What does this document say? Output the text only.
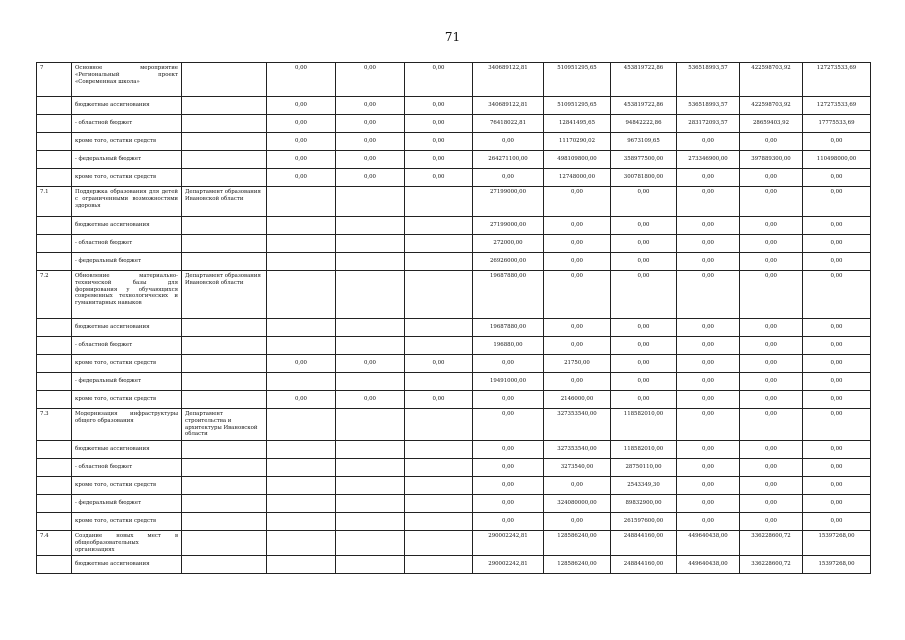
71
7	Основное мероприятие «Региональный проект «Современная школа»		0,00	0,00	0,00	340689122,81	510951295,65	453819722,86	536518993,57	422598703,92	127273533,69
	бюджетные ассигнования		0,00	0,00	0,00	340689122,81	510951295,65	453819722,86	536518993,57	422598703,92	127273533,69
	- областной бюджет		0,00	0,00	0,00	76418022,81	12841495,65	94842222,86	283172093,57	28659403,92	17775533,69
	кроме того, остатки средств		0,00	0,00	0,00	0,00	11170290,02	9673109,65	0,00	0,00	0,00
	- федеральный бюджет		0,00	0,00	0,00	264271100,00	498109800,00	358977500,00	273346900,00	397889300,00	110498000,00
	кроме того, остатки средств		0,00	0,00	0,00	0,00	12748000,00	300781800,00	0,00	0,00	0,00
7.1	Поддержка образования для детей с ограниченными возможностями здоровья	Департамент образования Ивановской области				27199000,00	0,00	0,00	0,00	0,00	0,00
	бюджетные ассигнования					27199000,00	0,00	0,00	0,00	0,00	0,00
	- областной бюджет					272000,00	0,00	0,00	0,00	0,00	0,00
	- федеральный бюджет					26926000,00	0,00	0,00	0,00	0,00	0,00
7.2	Обновление материально-технической базы для формирования у обучающихся современных технологических и гуманитарных навыков	Департамент образования Ивановской области				19687880,00	0,00	0,00	0,00	0,00	0,00
	бюджетные ассигнования					19687880,00	0,00	0,00	0,00	0,00	0,00
	- областной бюджет					196880,00	0,00	0,00	0,00	0,00	0,00
	кроме того, остатки средств		0,00	0,00	0,00	0,00	21750,00	0,00	0,00	0,00	0,00
	- федеральный бюджет					19491000,00	0,00	0,00	0,00	0,00	0,00
	кроме того, остатки средств		0,00	0,00	0,00	0,00	2146000,00	0,00	0,00	0,00	0,00
7.3	Модернизация инфраструктуры общего образования	Департамент строительства и архитектуры Ивановской области				0,00	327353540,00	118582010,00	0,00	0,00	0,00
	бюджетные ассигнования					0,00	327353540,00	118582010,00	0,00	0,00	0,00
	- областной бюджет					0,00	3273540,00	28750110,00	0,00	0,00	0,00
	кроме того, остатки средств					0,00	0,00	2543349,30	0,00	0,00	0,00
	- федеральный бюджет					0,00	324080000,00	89832900,00	0,00	0,00	0,00
	кроме того, остатки средств					0,00	0,00	261597600,00	0,00	0,00	0,00
7.4	Создание новых мест в общеобразовательных организациях					290002242,81	128586240,00	248844160,00	449640438,00	336228600,72	15397268,00
	бюджетные ассигнования					290002242,81	128586240,00	248844160,00	449640438,00	336228600,72	15397268,00
